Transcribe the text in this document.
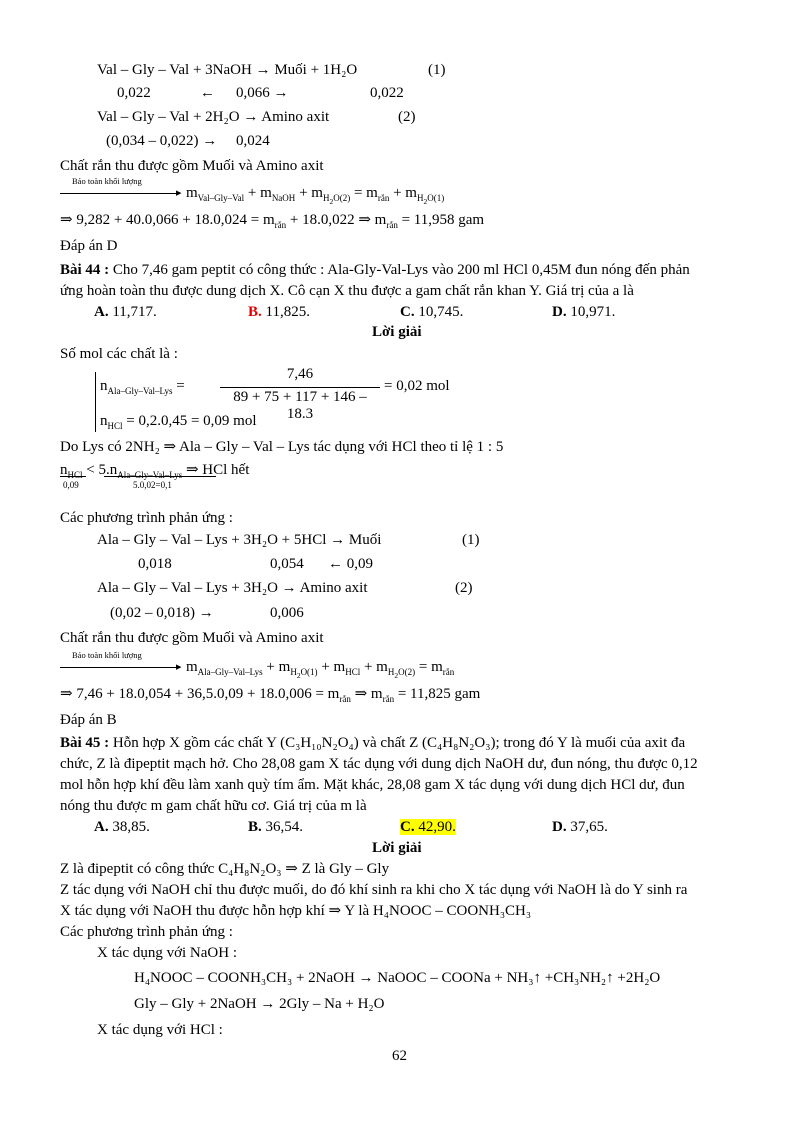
Val – Gly – Val + 3NaOH → Muối + 1H₂O	(1)
0,022	← 0,066 →	0,022
Val – Gly – Val + 2H₂O → Amino axit	(2)
(0,034 – 0,022) → 0,024
Chất rắn thu được gồm Muối và Amino axit
Bảo toàn khối lượng
▸ $m_{Val-Gly-Val} + m_{NaOH} + m_{H_2O(2)} = m_{rắn} + m_{H_2O(1)}$
⇒ $9,282 + 40.0,066 + 18.0,024 = m_{rắn} + 18.0,022$ ⇒ $m_{rắn} = 11,958$ gam
Đáp án D
Bài 44 : Cho 7,46 gam peptit có công thức : Ala-Gly-Val-Lys vào 200 ml HCl 0,45M đun nóng đến phản
ứng hoàn toàn thu được dung dịch X. Cô cạn X thu được a gam chất rắn khan Y. Giá trị của a là
A. 11,717.	B. 11,825.	C. 10,745.	D. 10,971.
Lời giải
Số mol các chất là :
$n_{Ala-Gly-Val-Lys}$ =
7,46
89 + 75 + 117 + 146 – 18.3
= 0,02 mol
$n_{HCl} = 0,2.0,45 = 0,09$ mol
Do Lys có 2NH₂ ⇒ Ala – Gly – Val – Lys tác dụng với HCl theo tỉ lệ 1 : 5
$n_{HCl} < 5.n_{Ala-Gly-Val-Lys}$ ⇒ HCl hết
0,09	5.0,02=0,1
Các phương trình phản ứng :
Ala – Gly – Val – Lys + 3H₂O + 5HCl → Muối	(1)
0,018	0,054 ← 0,09
Ala – Gly – Val – Lys + 3H₂O → Amino axit	(2)
(0,02 – 0,018) →	0,006
Chất rắn thu được gồm Muối và Amino axit
Bảo toàn khối lượng
▸ $m_{Ala-Gly-Val-Lys} + m_{H_2O(1)} + m_{HCl} + m_{H_2O(2)} = m_{rắn}$
⇒ $7,46 + 18.0,054 + 36,5.0,09 + 18.0,006 = m_{rắn}$ ⇒ $m_{rắn} = 11,825$ gam
Đáp án B
Bài 45 : Hỗn hợp X gồm các chất Y (C₃H₁₀N₂O₄) và chất Z (C₄H₈N₂O₃); trong đó Y là muối của axit đa
chức, Z là đipeptit mạch hở. Cho 28,08 gam X tác dụng với dung dịch NaOH dư, đun nóng, thu được 0,12
mol hỗn hợp khí đều làm xanh quỳ tím ẩm. Mặt khác, 28,08 gam X tác dụng với dung dịch HCl dư, đun
nóng thu được m gam chất hữu cơ. Giá trị của m là
A. 38,85.	B. 36,54.	C. 42,90.	D. 37,65.
Lời giải
Z là đipeptit có công thức C₄H₈N₂O₃ ⇒ Z là Gly – Gly
Z tác dụng với NaOH chỉ thu được muối, do đó khí sinh ra khi cho X tác dụng với NaOH là do Y sinh ra
X tác dụng với NaOH thu được hỗn hợp khí ⇒ Y là H₄NOOC – COONH₃CH₃
Các phương trình phản ứng :
X tác dụng với NaOH :
H₄NOOC – COONH₃CH₃ + 2NaOH → NaOOC – COONa + NH₃↑ +CH₃NH₂↑ +2H₂O
Gly – Gly + 2NaOH → 2Gly – Na + H₂O
X tác dụng với HCl :
62
